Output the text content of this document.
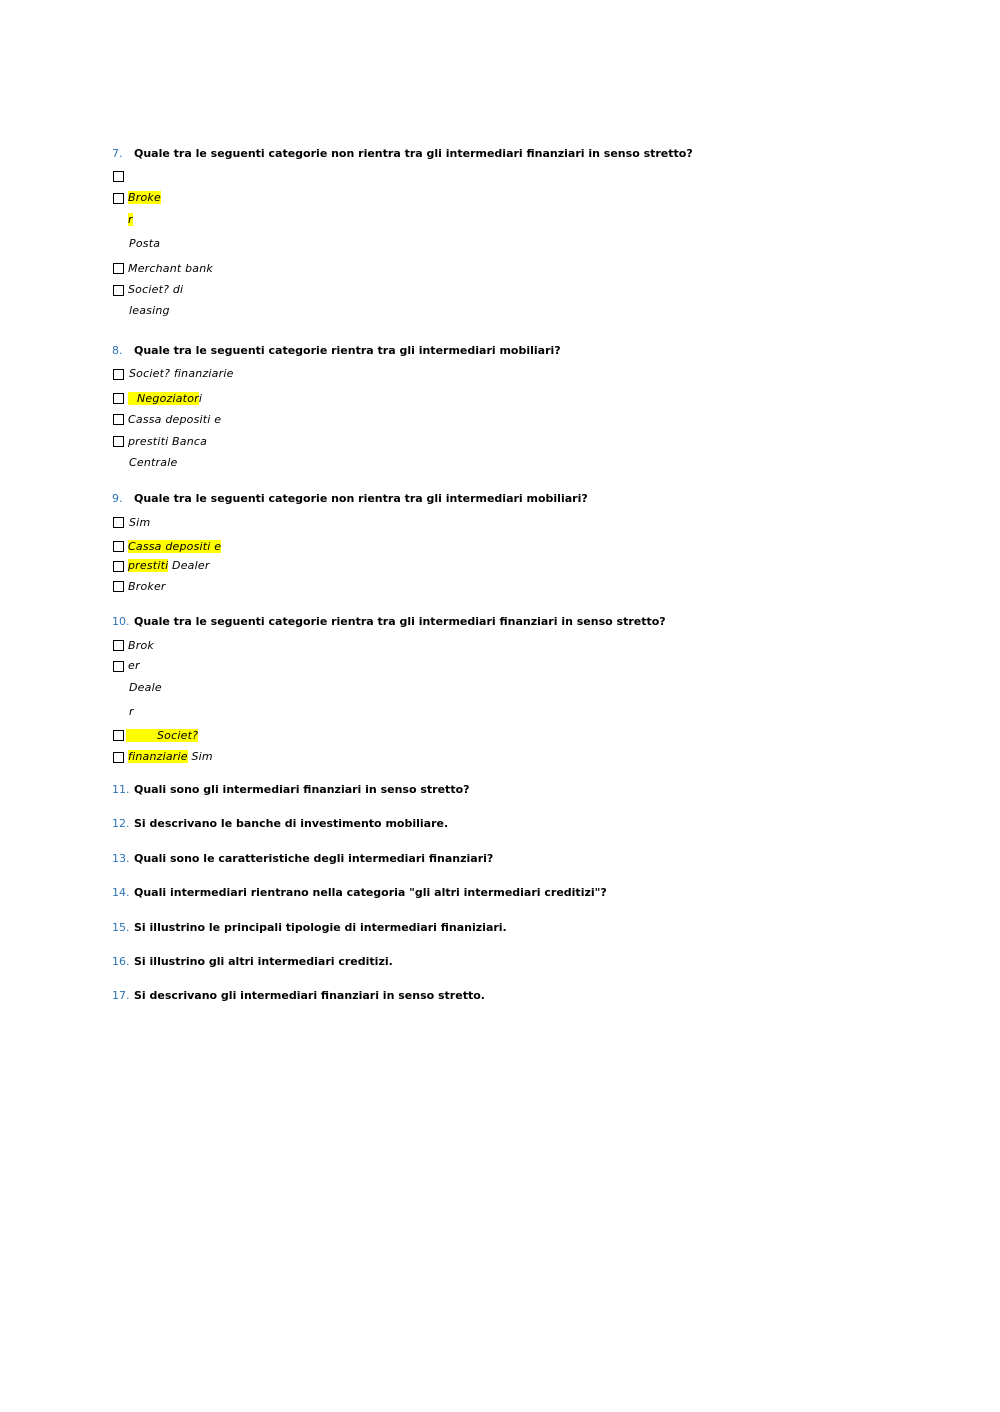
7. Quale tra le seguenti categorie non rientra tra gli intermediari finanziari in senso stretto?
Broke
r
Posta
Merchant bank
Societ? di
leasing
8. Quale tra le seguenti categorie rientra tra gli intermediari mobiliari?
Societ? finanziarie
Negoziatori
Cassa depositi e
prestiti Banca
Centrale
9. Quale tra le seguenti categorie non rientra tra gli intermediari mobiliari?
Sim
Cassa depositi e
prestiti Dealer
Broker
10. Quale tra le seguenti categorie rientra tra gli intermediari finanziari in senso stretto?
Brok
er
Deale
r
Societ?
finanziarie Sim
11. Quali sono gli intermediari finanziari in senso stretto?
12. Si descrivano le banche di investimento mobiliare.
13. Quali sono le caratteristiche degli intermediari finanziari?
14. Quali intermediari rientrano nella categoria "gli altri intermediari creditizi"?
15. Si illustrino le principali tipologie di intermediari finaniziari.
16. Si illustrino gli altri intermediari creditizi.
17. Si descrivano gli intermediari finanziari in senso stretto.
